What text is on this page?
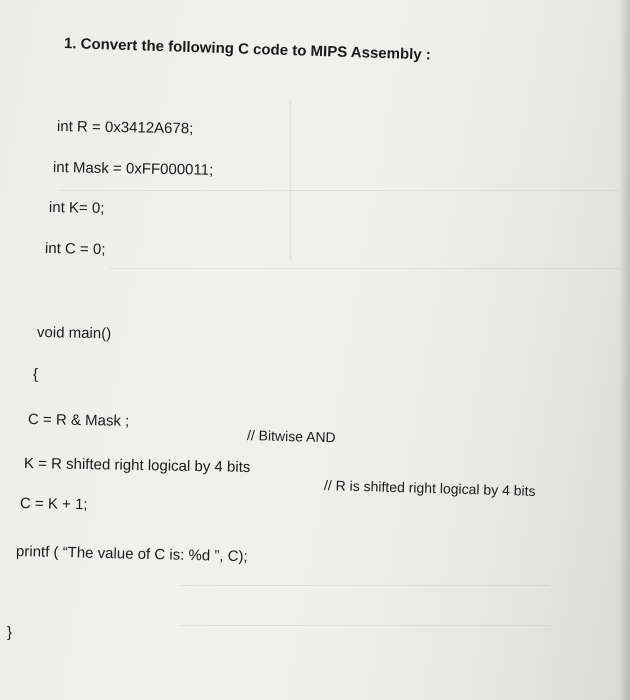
1. Convert the following C code to MIPS Assembly :
int R = 0x3412A678;
int Mask = 0xFF000011;
int K= 0;
int C = 0;
void main()
{
C = R & Mask ;
// Bitwise AND
K = R shifted right logical by 4 bits
// R is shifted right logical by 4 bits
C = K + 1;
printf ( “The value of C is: %d ”, C);
}
